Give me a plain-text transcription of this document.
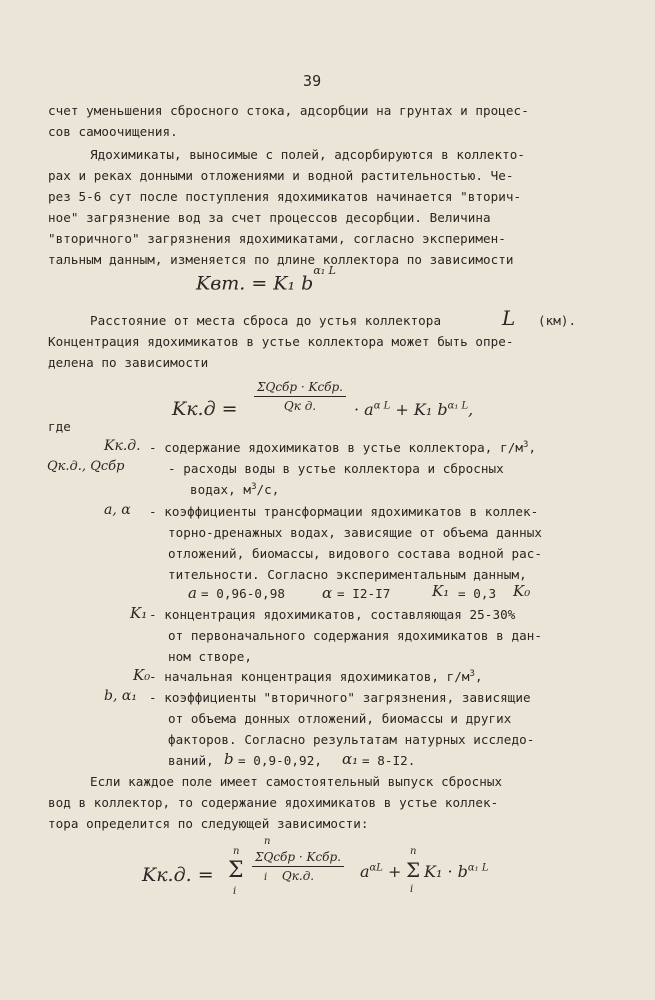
39
счет уменьшения сбросного стока, адсорбции на грунтах и процес-
сов самоочищения.
Ядохимикаты, выносимые с полей, адсорбируются в коллекто-
рах и реках донными отложениями и водной растительностью. Че-
рез 5-6 сут после поступления ядохимикатов начинается "вторич-
ное" загрязнение вод за счет процессов десорбции. Величина
"вторичного" загрязнения ядохимикатами, согласно эксперимен-
тальным данным, изменяется по длине коллектора по зависимости
Kвт. = K₁ $b^{\alpha_1 L}$
Расстояние от места сброса до устья коллектора	L (км).
Концентрация ядохимикатов в устье коллектора может быть опре-
делена по зависимости
Kк.д =
ΣQсбр · Kсбр.
Qк д. · $a^{\alpha L} + K_1$ $b^{\alpha_1 L}$,
где
Kк.д. - содержание ядохимикатов в устье коллектора, $г/м^3$,
Qк.д., Qсбр	- расходы воды в устье коллектора и сбросных
водах, $м^3/с$,
a, α - коэффициенты трансформации ядохимикатов в коллек-
торно-дренажных водах, зависящие от объема данных
отложений, биомассы, видового состава водной рас-
тительности. Согласно экспериментальным данным,
a = 0,96-0,98 α = I2-I7	K₁ = 0,3 K₀
K₁ - концентрация ядохимикатов, составляющая 25-30%
от первоначального содержания ядохимикатов в дан-
ном створе,
K₀
- начальная концентрация ядохимикатов, $г/м^3$,
b, α₁ - коэффициенты "вторичного" загрязнения, зависящие
от объема донных отложений, биомассы и других
факторов. Согласно результатам натурных исследо-
ваний, b = 0,9-0,92, α₁ = 8-I2.
Если каждое поле имеет самостоятельный выпуск сбросных
вод в коллектор, то содержание ядохимикатов в устье коллек-
тора определится по следующей зависимости:
Kк.д. = Σ
n
i
n
i
ΣQсбр · Kсбр.
Qк.д.	$a^{\alpha L} + \Sigma$
n
i
$K_1 \cdot b^{\alpha_1 L}$
